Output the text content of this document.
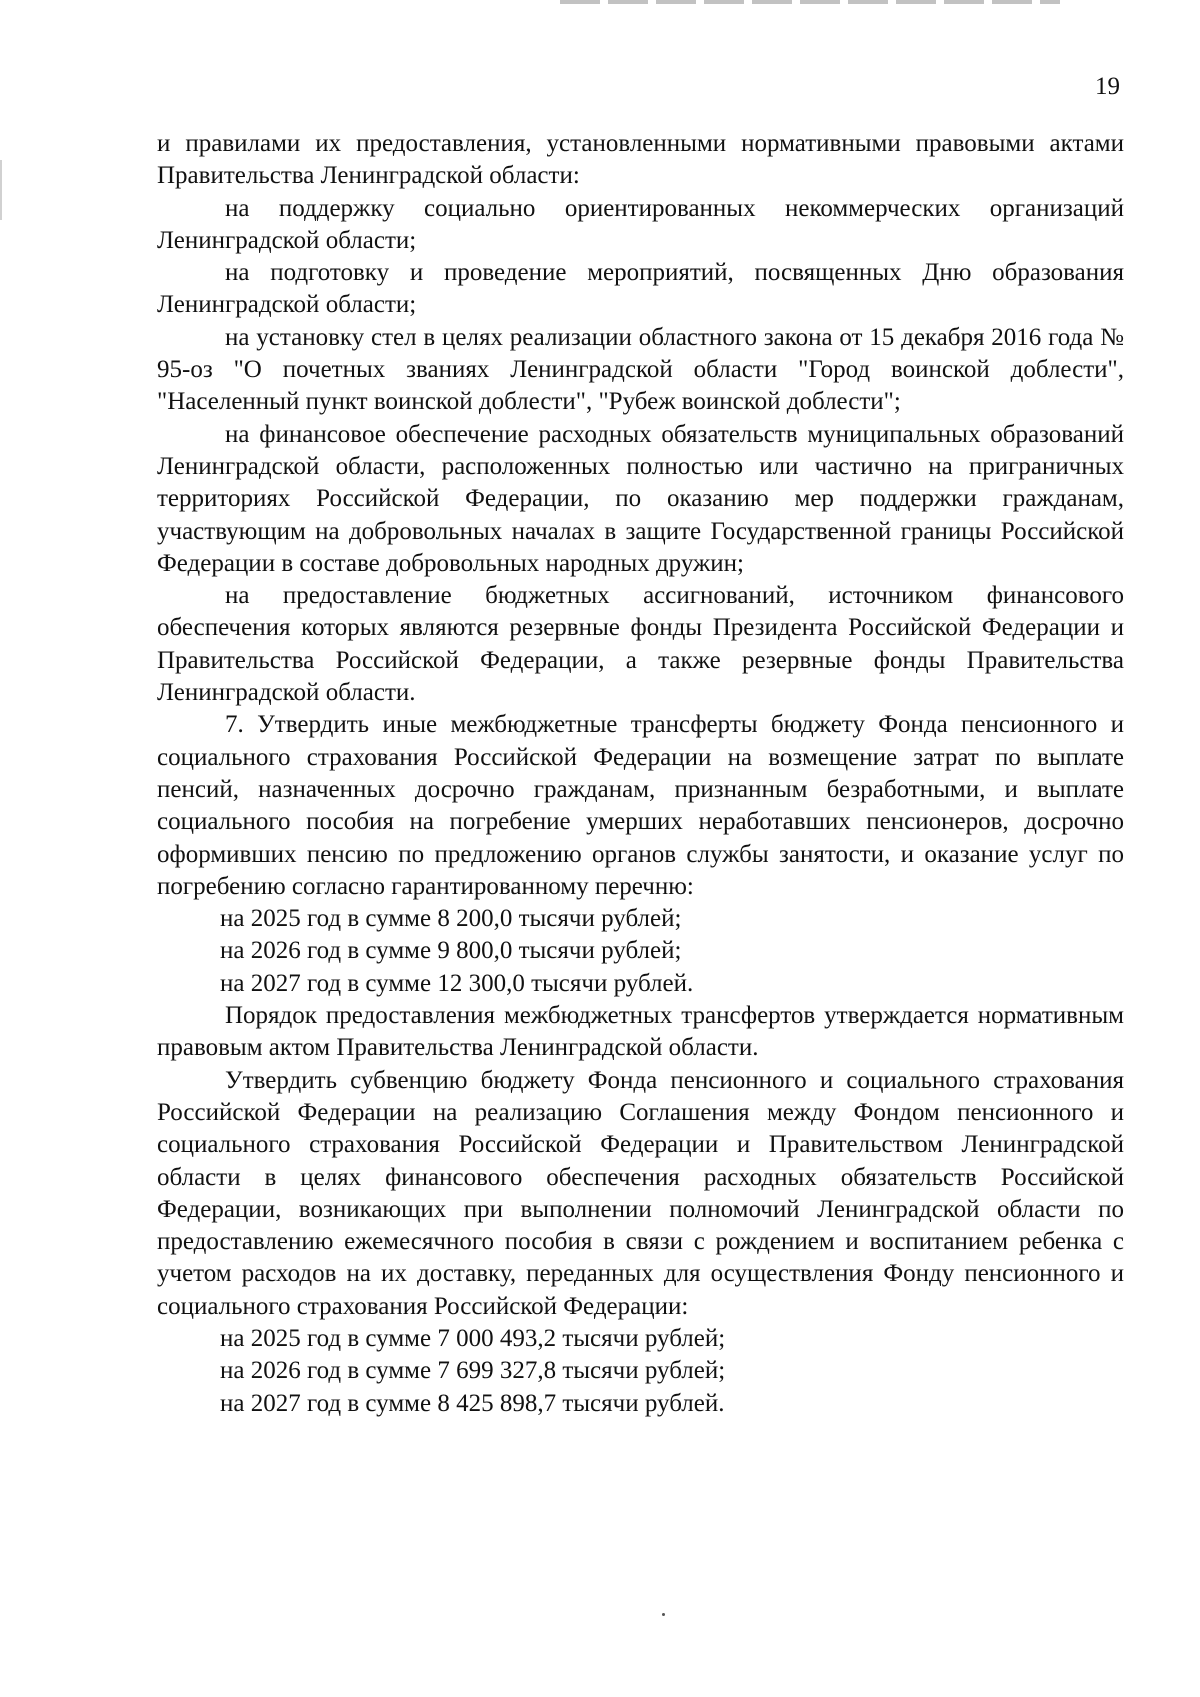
19

и правилами их предоставления, установленными нормативными правовыми актами Правительства Ленинградской области:

на поддержку социально ориентированных некоммерческих организаций Ленинградской области;

на подготовку и проведение мероприятий, посвященных Дню образования Ленинградской области;

на установку стел в целях реализации областного закона от 15 декабря 2016 года № 95-оз "О почетных званиях Ленинградской области "Город воинской доблести", "Населенный пункт воинской доблести", "Рубеж воинской доблести";

на финансовое обеспечение расходных обязательств муниципальных образований Ленинградской области, расположенных полностью или частично на приграничных территориях Российской Федерации, по оказанию мер поддержки гражданам, участвующим на добровольных началах в защите Государственной границы Российской Федерации в составе добровольных народных дружин;

на предоставление бюджетных ассигнований, источником финансового обеспечения которых являются резервные фонды Президента Российской Федерации и Правительства Российской Федерации, а также резервные фонды Правительства Ленинградской области.

7. Утвердить иные межбюджетные трансферты бюджету Фонда пенсионного и социального страхования Российской Федерации на возмещение затрат по выплате пенсий, назначенных досрочно гражданам, признанным безработными, и выплате социального пособия на погребение умерших неработавших пенсионеров, досрочно оформивших пенсию по предложению органов службы занятости, и оказание услуг по погребению согласно гарантированному перечню:

на 2025 год в сумме 8 200,0 тысячи рублей;
на 2026 год в сумме 9 800,0 тысячи рублей;
на 2027 год в сумме 12 300,0 тысячи рублей.

Порядок предоставления межбюджетных трансфертов утверждается нормативным правовым актом Правительства Ленинградской области.

Утвердить субвенцию бюджету Фонда пенсионного и социального страхования Российской Федерации на реализацию Соглашения между Фондом пенсионного и социального страхования Российской Федерации и Правительством Ленинградской области в целях финансового обеспечения расходных обязательств Российской Федерации, возникающих при выполнении полномочий Ленинградской области по предоставлению ежемесячного пособия в связи с рождением и воспитанием ребенка с учетом расходов на их доставку, переданных для осуществления Фонду пенсионного и социального страхования Российской Федерации:

на 2025 год в сумме 7 000 493,2 тысячи рублей;
на 2026 год в сумме 7 699 327,8 тысячи рублей;
на 2027 год в сумме 8 425 898,7 тысячи рублей.
